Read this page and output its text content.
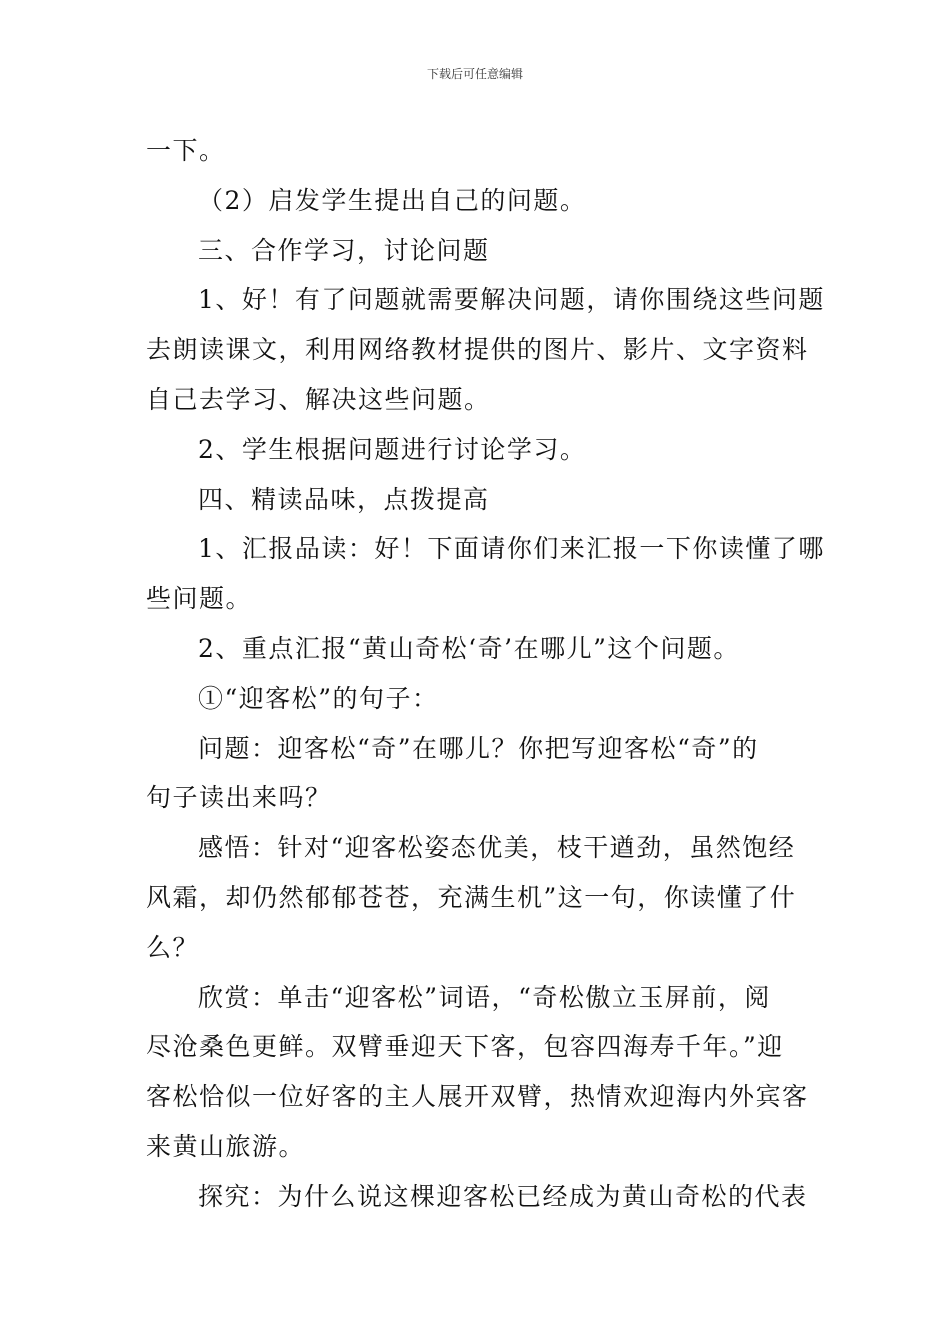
下载后可任意编辑
一下。
（2）启发学生提出自己的问题。
三、合作学习，讨论问题
1、好！有了问题就需要解决问题，请你围绕这些问题
去朗读课文，利用网络教材提供的图片、影片、文字资料
自己去学习、解决这些问题。
2、学生根据问题进行讨论学习。
四、精读品味，点拨提高
1、汇报品读：好！下面请你们来汇报一下你读懂了哪
些问题。
2、重点汇报“黄山奇松‘奇’在哪儿”这个问题。
①“迎客松”的句子：
问题：迎客松“奇”在哪儿？你把写迎客松“奇”的
句子读出来吗？
感悟：针对“迎客松姿态优美，枝干遒劲，虽然饱经
风霜，却仍然郁郁苍苍，充满生机”这一句，你读懂了什
么？
欣赏：单击“迎客松”词语，“奇松傲立玉屏前，阅
尽沧桑色更鲜。双臂垂迎天下客，包容四海寿千年。”迎
客松恰似一位好客的主人展开双臂，热情欢迎海内外宾客
来黄山旅游。
探究：为什么说这棵迎客松已经成为黄山奇松的代表
